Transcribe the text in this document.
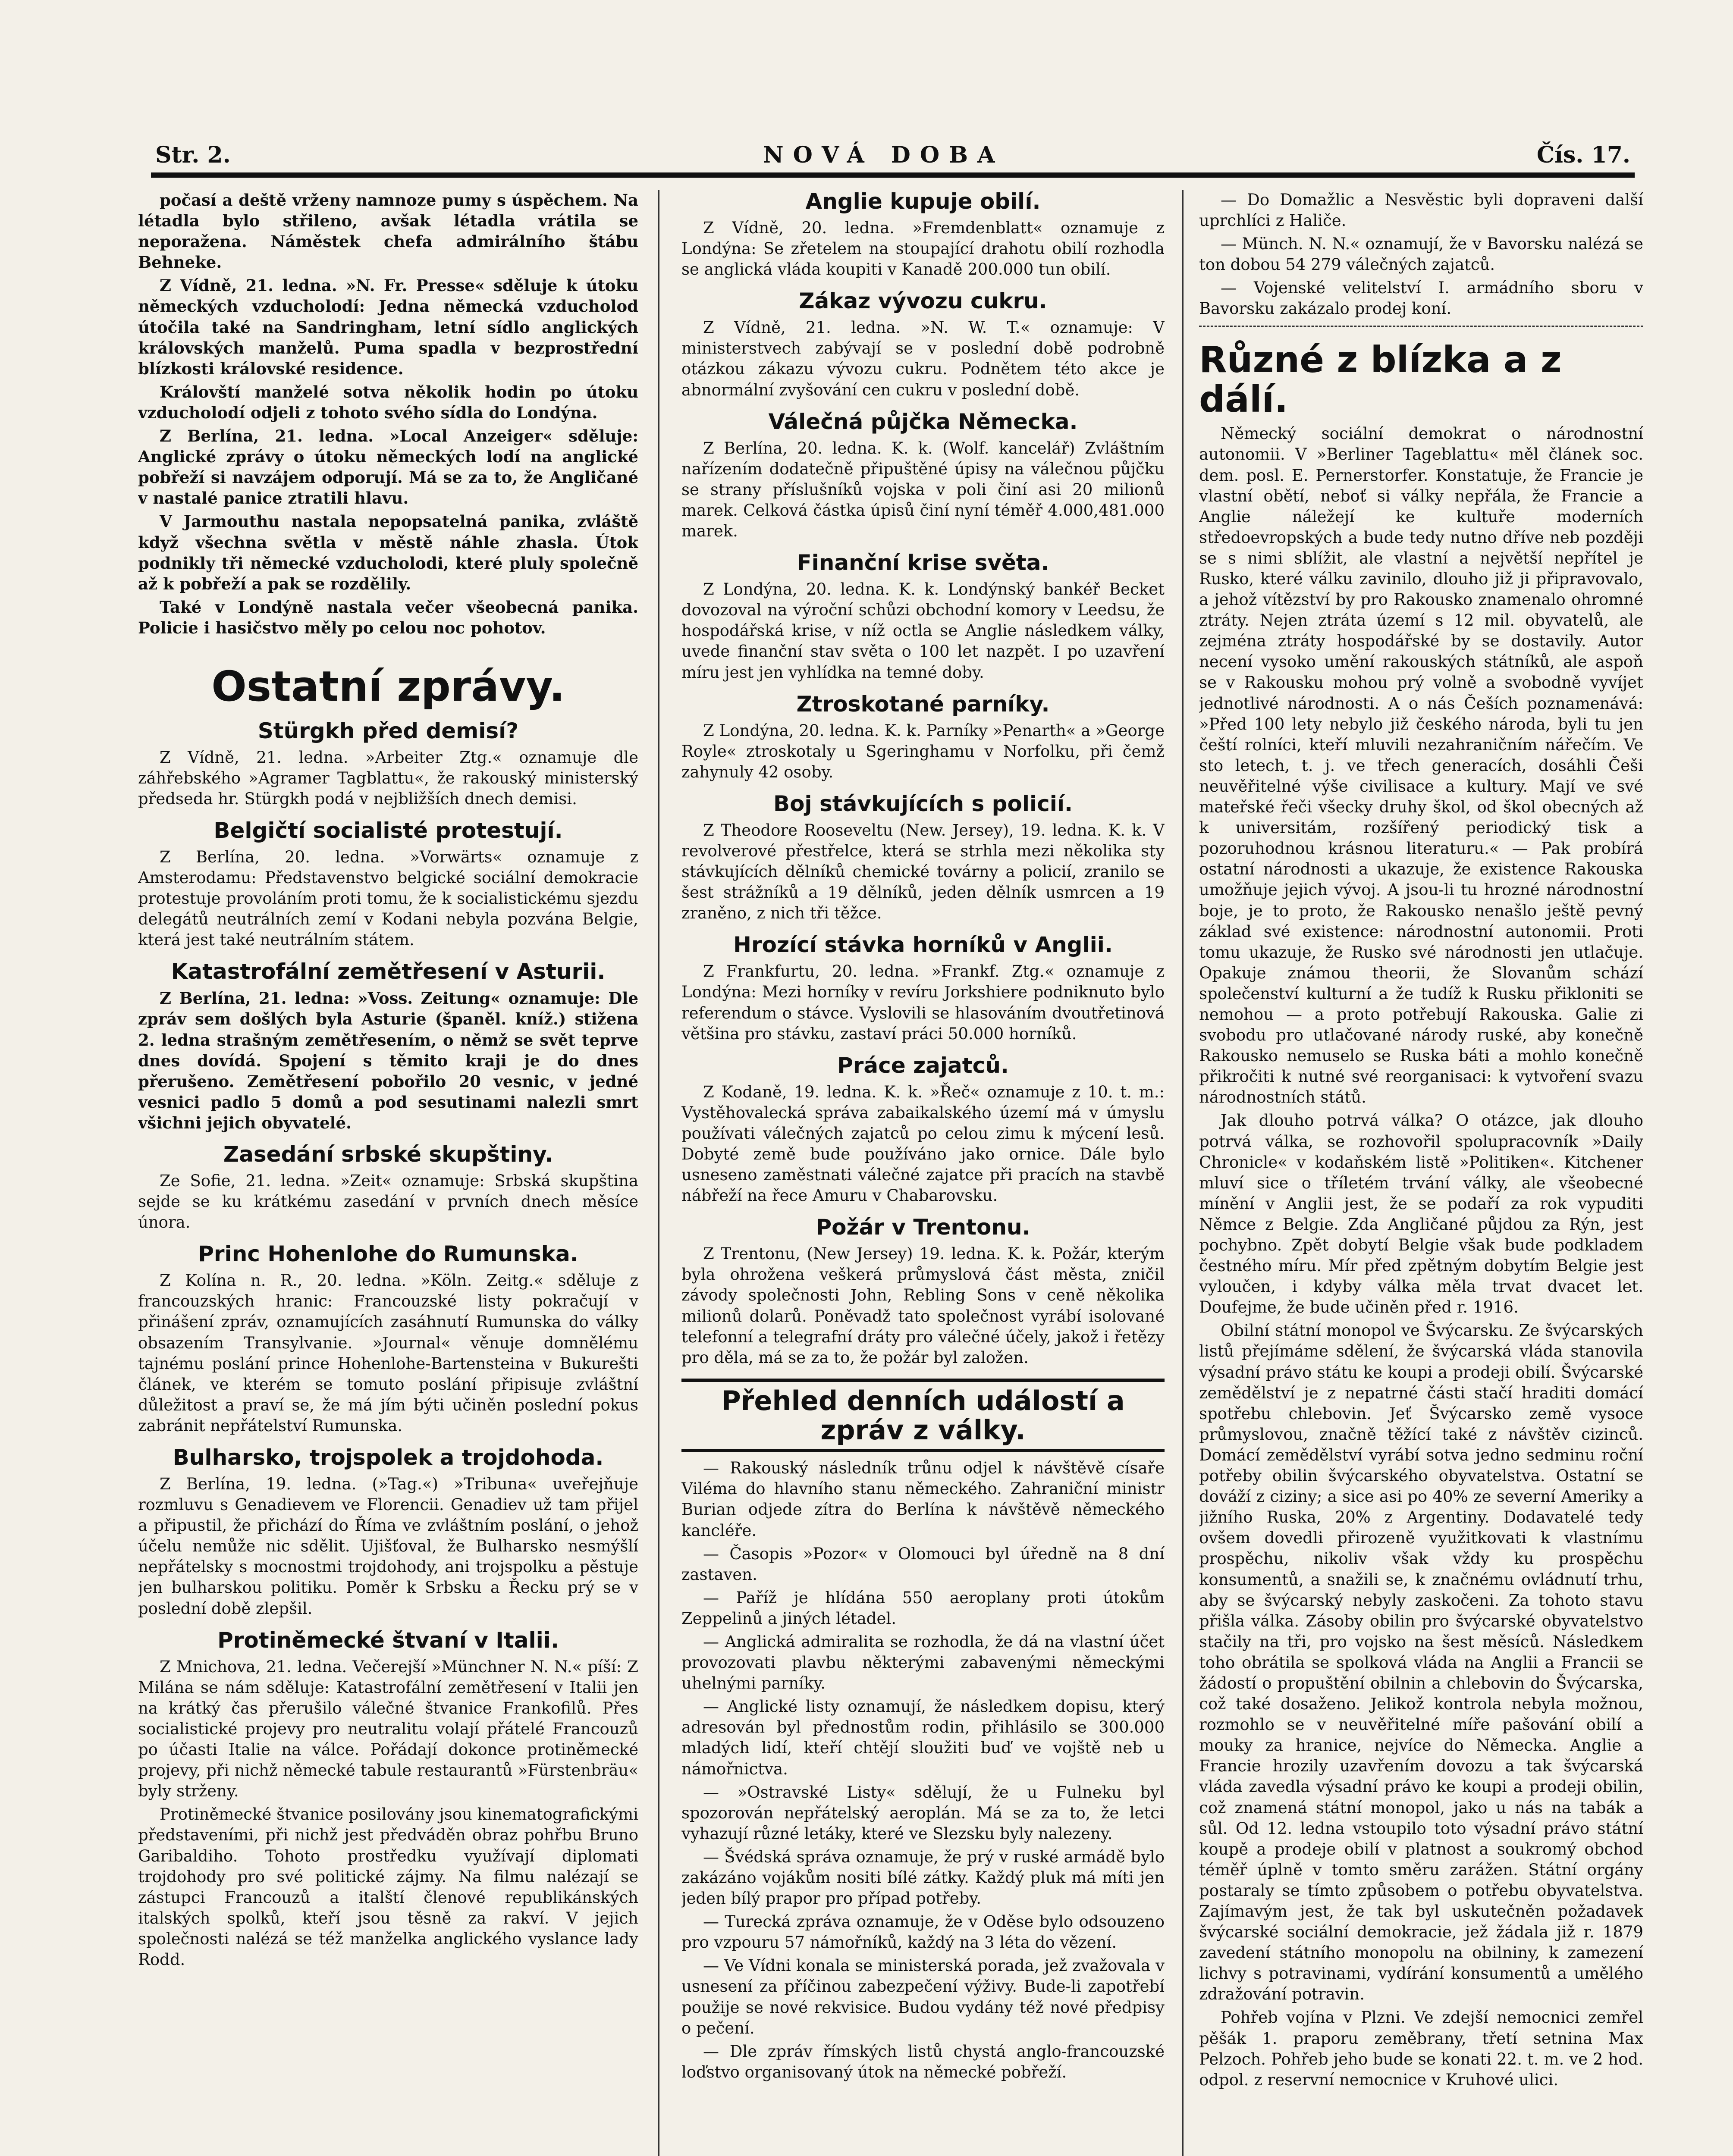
Str. 2.	NOVÁ DOBA	Čís. 17.

počasí a deště vrženy namnoze pumy s úspěchem. Na létadla bylo střileno, avšak létadla vrátila se neporažena. Náměstek chefa admirálního štábu Behneke.

Z Vídně, 21. ledna. »N. Fr. Presse« sděluje k útoku německých vzducholodí: Jedna německá vzducholoď útočila také na Sandringham, letní sídlo anglických královských manželů. Puma spadla v bezprostřední blízkosti královské residence.

Královští manželé sotva několik hodin po útoku vzducholodí odjeli z tohoto svého sídla do Londýna.

Z Berlína, 21. ledna. »Local Anzeiger« sděluje: Anglické zprávy o útoku německých lodí na anglické pobřeží si navzájem odporují. Má se za to, že Angličané v nastalé panice ztratili hlavu.

V Jarmouthu nastala nepopsatelná panika, zvláště když všechna světla v městě náhle zhasla. Útok podnikly tři německé vzducholodi, které pluly společně až k pobřeží a pak se rozdělily.

Také v Londýně nastala večer všeobecná panika. Policie i hasičstvo měly po celou noc pohotov.

Ostatní zprávy.
Stürgkh před demisí?

Z Vídně, 21. ledna. »Arbeiter Ztg.« oznamuje dle záhřebského »Agramer Tagblattu«, že rakouský ministerský předseda hr. Stürgkh podá v nejbližších dnech demisi.

Belgičtí socialisté protestují.

Z Berlína, 20. ledna. »Vorwärts« oznamuje z Amsterodamu: Představenstvo belgické sociální demokracie protestuje provoláním proti tomu, že k socialistickému sjezdu delegátů neutrálních zemí v Kodani nebyla pozvána Belgie, která jest také neutrálním státem.

Katastrofální zemětřesení v Asturii.

Z Berlína, 21. ledna: »Voss. Zeitung« oznamuje: Dle zpráv sem došlých byla Asturie (španěl. kníž.) stižena 2. ledna strašným zemětřesením, o němž se svět teprve dnes dovídá. Spojení s těmito kraji je do dnes přerušeno. Zemětřesení pobořilo 20 vesnic, v jedné vesnici padlo 5 domů a pod sesutinami nalezli smrt všichni jejich obyvatelé.

Zasedání srbské skupštiny.

Ze Sofie, 21. ledna. »Zeit« oznamuje: Srbská skupština sejde se ku krátkému zasedání v prvních dnech měsíce února.

Princ Hohenlohe do Rumunska.

Z Kolína n. R., 20. ledna. »Köln. Zeitg.« sděluje z francouzských hranic: Francouzské listy pokračují v přinášení zpráv, oznamujících zasáhnutí Rumunska do války obsazením Transylvanie. »Journal« věnuje domnělému tajnému poslání prince Hohenlohe-Bartensteina v Bukurešti článek, ve kterém se tomuto poslání připisuje zvláštní důležitost a praví se, že má jím býti učiněn poslední pokus zabránit nepřátelství Rumunska.

Bulharsko, trojspolek a trojdohoda.

Z Berlína, 19. ledna. (»Tag.«) »Tribuna« uveřejňuje rozmluvu s Genadievem ve Florencii. Genadiev už tam přijel a připustil, že přichází do Říma ve zvláštním poslání, o jehož účelu nemůže nic sdělit. Ujišťoval, že Bulharsko nesmýšlí nepřátelsky s mocnostmi trojdohody, ani trojspolku a pěstuje jen bulharskou politiku. Poměr k Srbsku a Řecku prý se v poslední době zlepšil.

Protiněmecké štvaní v Italii.

Z Mnichova, 21. ledna. Večerejší »Münchner N. N.« píší: Z Milána se nám sděluje: Katastrofální zemětřesení v Italii jen na krátký čas přerušilo válečné štvanice Frankofilů. Přes socialistické projevy pro neutralitu volají přátelé Francouzů po účasti Italie na válce. Pořádají dokonce protiněmecké projevy, při nichž německé tabule restaurantů »Fürstenbräu« byly strženy.

Protiněmecké štvanice posilovány jsou kinematografickými představeními, při nichž jest předváděn obraz pohřbu Bruno Garibaldiho. Tohoto prostředku využívají diplomati trojdohody pro své politické zájmy. Na filmu nalézají se zástupci Francouzů a italští členové republikánských italských spolků, kteří jsou těsně za rakví. V jejich společnosti nalézá se též manželka anglického vyslance lady Rodd.

Anglie kupuje obilí.

Z Vídně, 20. ledna. »Fremdenblatt« oznamuje z Londýna: Se zřetelem na stoupající drahotu obilí rozhodla se anglická vláda koupiti v Kanadě 200.000 tun obilí.

Zákaz vývozu cukru.

Z Vídně, 21. ledna. »N. W. T.« oznamuje: V ministerstvech zabývají se v poslední době podrobně otázkou zákazu vývozu cukru. Podnětem této akce je abnormální zvyšování cen cukru v poslední době.

Válečná půjčka Německa.

Z Berlína, 20. ledna. K. k. (Wolf. kancelář) Zvláštním nařízením dodatečně připuštěné úpisy na válečnou půjčku se strany příslušníků vojska v poli činí asi 20 milionů marek. Celková částka úpisů činí nyní téměř 4.000,481.000 marek.

Finanční krise světa.

Z Londýna, 20. ledna. K. k. Londýnský bankéř Becket dovozoval na výroční schůzi obchodní komory v Leedsu, že hospodářská krise, v níž octla se Anglie následkem války, uvede finanční stav světa o 100 let nazpět. I po uzavření míru jest jen vyhlídka na temné doby.

Ztroskotané parníky.

Z Londýna, 20. ledna. K. k. Parníky »Penarth« a »George Royle« ztroskotaly u Sgeringhamu v Norfolku, při čemž zahynuly 42 osoby.

Boj stávkujících s policií.

Z Theodore Rooseveltu (New. Jersey), 19. ledna. K. k. V revolverové přestřelce, která se strhla mezi několika sty stávkujících dělníků chemické továrny a policií, zranilo se šest strážníků a 19 dělníků, jeden dělník usmrcen a 19 zraněno, z nich tři těžce.

Hrozící stávka horníků v Anglii.

Z Frankfurtu, 20. ledna. »Frankf. Ztg.« oznamuje z Londýna: Mezi horníky v revíru Jorkshiere podniknuto bylo referendum o stávce. Vyslovili se hlasováním dvoutřetinová většina pro stávku, zastaví práci 50.000 horníků.

Práce zajatců.

Z Kodaně, 19. ledna. K. k. »Řeč« oznamuje z 10. t. m.: Vystěhovalecká správa zabaikalského území má v úmyslu používati válečných zajatců po celou zimu k mýcení lesů. Dobyté země bude používáno jako ornice. Dále bylo usneseno zaměstnati válečné zajatce při pracích na stavbě nábřeží na řece Amuru v Chabarovsku.

Požár v Trentonu.

Z Trentonu, (New Jersey) 19. ledna. K. k. Požár, kterým byla ohrožena veškerá průmyslová část města, zničil závody společnosti John, Rebling Sons v ceně několika milionů dolarů. Poněvadž tato společnost vyrábí isolované telefonní a telegrafní dráty pro válečné účely, jakož i řetězy pro děla, má se za to, že požár byl založen.

Přehled denních událostí a zpráv z války.

— Rakouský následník trůnu odjel k návštěvě císaře Viléma do hlavního stanu německého. Zahraniční ministr Burian odjede zítra do Berlína k návštěvě německého kancléře.

— Časopis »Pozor« v Olomouci byl úředně na 8 dní zastaven.

— Paříž je hlídána 550 aeroplany proti útokům Zeppelinů a jiných létadel.

— Anglická admiralita se rozhodla, že dá na vlastní účet provozovati plavbu některými zabavenými německými uhelnými parníky.

— Anglické listy oznamují, že následkem dopisu, který adresován byl přednostům rodin, přihlásilo se 300.000 mladých lidí, kteří chtějí sloužiti buď ve vojště neb u námořnictva.

— »Ostravské Listy« sdělují, že u Fulneku byl spozorován nepřátelský aeroplán. Má se za to, že letci vyhazují různé letáky, které ve Slezsku byly nalezeny.

— Švédská správa oznamuje, že prý v ruské armádě bylo zakázáno vojákům nositi bílé zátky. Každý pluk má míti jen jeden bílý prapor pro případ potřeby.

— Turecká zpráva oznamuje, že v Oděse bylo odsouzeno pro vzpouru 57 námořníků, každý na 3 léta do vězení.

— Ve Vídni konala se ministerská porada, jež zvažovala v usnesení za příčinou zabezpečení výživy. Bude-li zapotřebí použije se nové rekvisice. Budou vydány též nové předpisy o pečení.

— Dle zpráv římských listů chystá anglo-francouzské loďstvo organisovaný útok na německé pobřeží.

— Do Domažlic a Nesvěstic byli dopraveni další uprchlíci z Haliče.

— Münch. N. N.« oznamují, že v Bavorsku nalézá se ton dobou 54 279 válečných zajatců.

— Vojenské velitelství I. armádního sboru v Bavorsku zakázalo prodej koní.

Různé z blízka a z dálí.

Německý sociální demokrat o národnostní autonomii. V »Berliner Tageblattu« měl článek soc. dem. posl. E. Pernerstorfer. Konstatuje, že Francie je vlastní obětí, neboť si války nepřála, že Francie a Anglie náležejí ke kultuře moderních středoevropských a bude tedy nutno dříve neb později se s nimi sblížit, ale vlastní a největší nepřítel je Rusko, které válku zavinilo, dlouho již ji připravovalo, a jehož vítězství by pro Rakousko znamenalo ohromné ztráty. Nejen ztráta území s 12 mil. obyvatelů, ale zejména ztráty hospodářské by se dostavily. Autor necení vysoko umění rakouských státníků, ale aspoň se v Rakousku mohou prý volně a svobodně vyvíjet jednotlivé národnosti. A o nás Češích poznamenává: »Před 100 lety nebylo již českého národa, byli tu jen čeští rolníci, kteří mluvili nezahraničním nářečím. Ve sto letech, t. j. ve třech generacích, dosáhli Češi neuvěřitelné výše civilisace a kultury. Mají ve své mateřské řeči všecky druhy škol, od škol obecných až k universitám, rozšířený periodický tisk a pozoruhodnou krásnou literaturu.« — Pak probírá ostatní národnosti a ukazuje, že existence Rakouska umožňuje jejich vývoj. A jsou-li tu hrozné národnostní boje, je to proto, že Rakousko nenašlo ještě pevný základ své existence: národnostní autonomii. Proti tomu ukazuje, že Rusko své národnosti jen utlačuje. Opakuje známou theorii, že Slovanům schází společenství kulturní a že tudíž k Rusku přikloniti se nemohou — a proto potřebují Rakouska. Galie zi svobodu pro utlačované národy ruské, aby konečně Rakousko nemuselo se Ruska báti a mohlo konečně přikročiti k nutné své reorganisaci: k vytvoření svazu národnostních států.

Jak dlouho potrvá válka? O otázce, jak dlouho potrvá válka, se rozhovořil spolupracovník »Daily Chronicle« v kodaňském listě »Politiken«. Kitchener mluví sice o tříletém trvání války, ale všeobecné mínění v Anglii jest, že se podaří za rok vypuditi Němce z Belgie. Zda Angličané půjdou za Rýn, jest pochybno. Zpět dobytí Belgie však bude podkladem čestného míru. Mír před zpětným dobytím Belgie jest vyloučen, i kdyby válka měla trvat dvacet let. Doufejme, že bude učiněn před r. 1916.

Obilní státní monopol ve Švýcarsku. Ze švýcarských listů přejímáme sdělení, že švýcarská vláda stanovila výsadní právo státu ke koupi a prodeji obilí. Švýcarské zemědělství je z nepatrné části stačí hraditi domácí spotřebu chlebovin. Jeť Švýcarsko země vysoce průmyslovou, značně těžící také z návštěv cizinců. Domácí zemědělství vyrábí sotva jedno sedminu roční potřeby obilin švýcarského obyvatelstva. Ostatní se dováží z ciziny; a sice asi po 40% ze severní Ameriky a jižního Ruska, 20% z Argentiny. Dodavatelé tedy ovšem dovedli přirozeně využitkovati k vlastnímu prospěchu, nikoliv však vždy ku prospěchu konsumentů, a snažili se, k značnému ovládnutí trhu, aby se švýcarský nebyly zaskočeni. Za tohoto stavu přišla válka. Zásoby obilin pro švýcarské obyvatelstvo stačily na tři, pro vojsko na šest měsíců. Následkem toho obrátila se spolková vláda na Anglii a Francii se žádostí o propuštění obilnin a chlebovin do Švýcarska, což také dosaženo. Jelikož kontrola nebyla možnou, rozmohlo se v neuvěřitelné míře pašování obilí a mouky za hranice, nejvíce do Německa. Anglie a Francie hrozily uzavřením dovozu a tak švýcarská vláda zavedla výsadní právo ke koupi a prodeji obilin, což znamená státní monopol, jako u nás na tabák a sůl. Od 12. ledna vstoupilo toto výsadní právo státní koupě a prodeje obilí v platnost a soukromý obchod téměř úplně v tomto směru zarážen. Státní orgány postaraly se tímto způsobem o potřebu obyvatelstva. Zajímavým jest, že tak byl uskutečněn požadavek švýcarské sociální demokracie, jež žádala již r. 1879 zavedení státního monopolu na obilniny, k zamezení lichvy s potravinami, vydírání konsumentů a umělého zdražování potravin.

Pohřeb vojína v Plzni. Ve zdejší nemocnici zemřel pěšák 1. praporu zeměbrany, třetí setnina Max Pelzoch. Pohřeb jeho bude se konati 22. t. m. ve 2 hod. odpol. z reservní nemocnice v Kruhové ulici.
